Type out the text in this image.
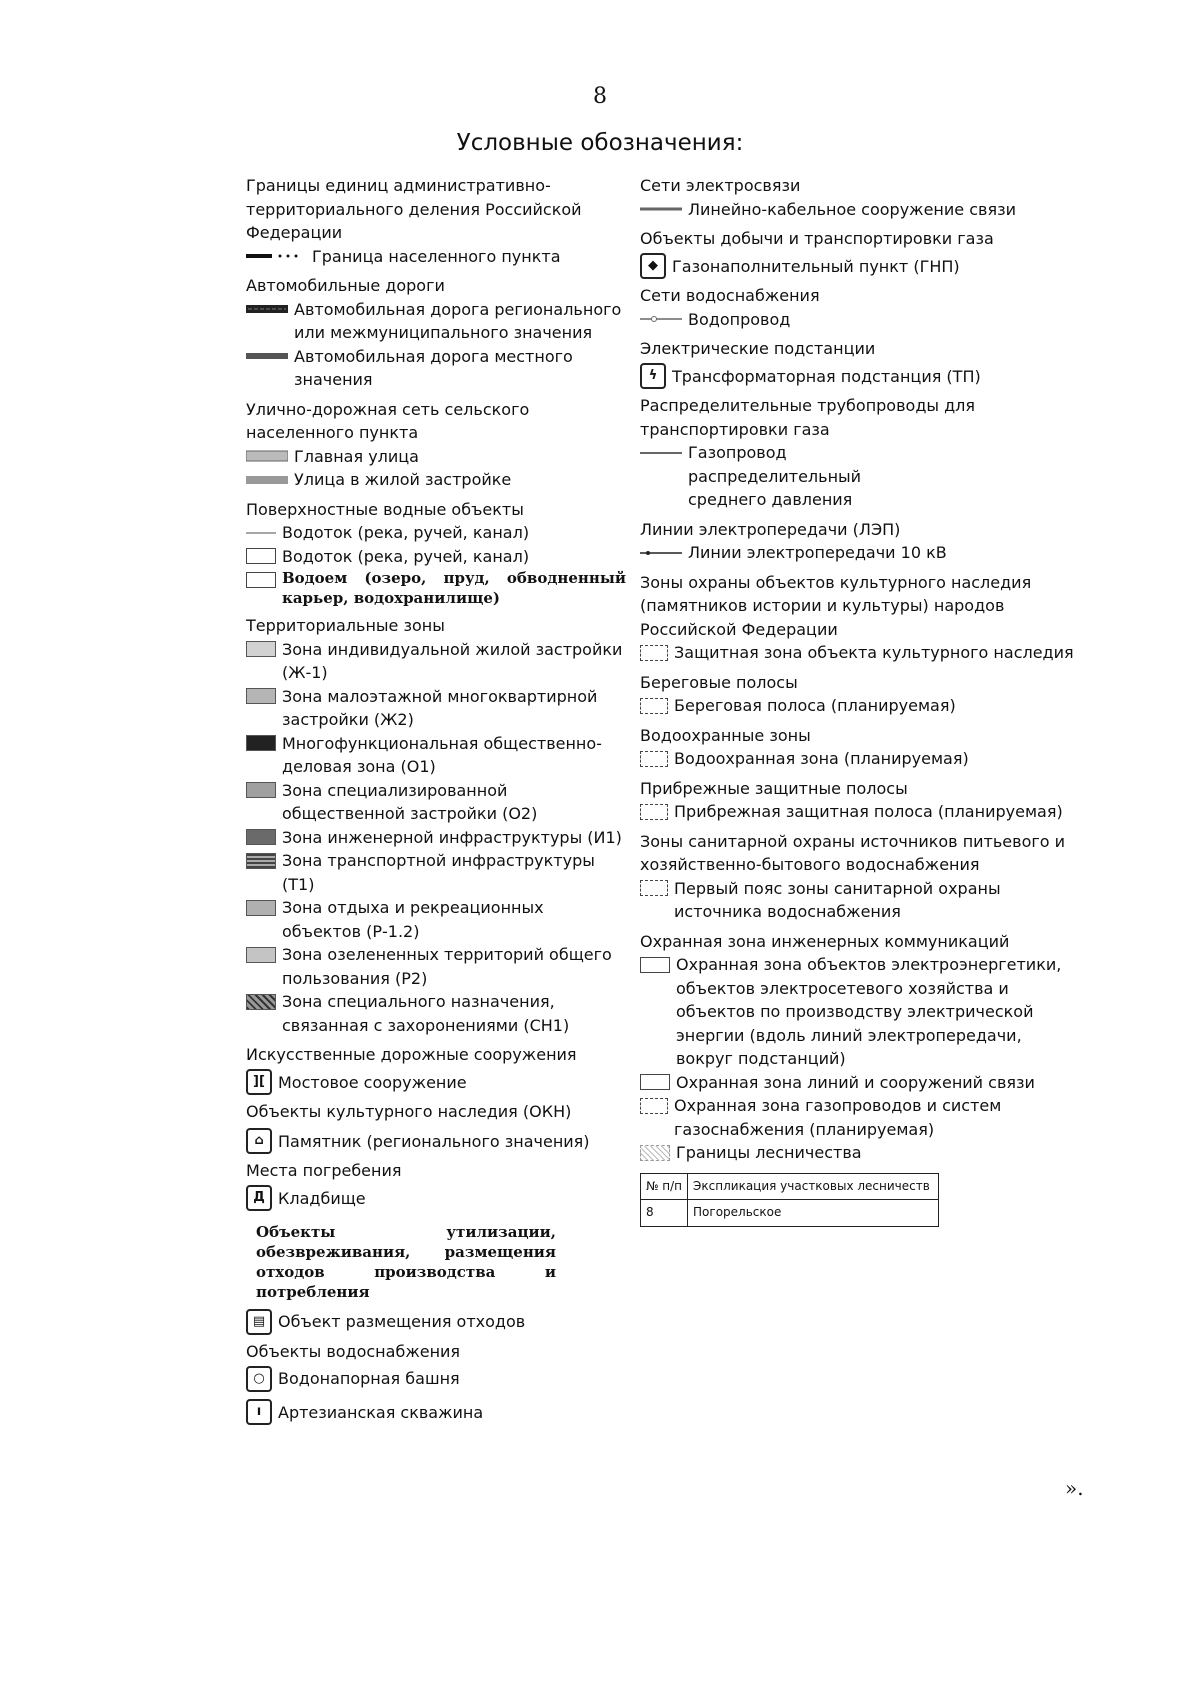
8
Условные обозначения:
Границы единиц административно-территориального деления Российской Федерации
Граница населенного пункта
Автомобильные дороги
Автомобильная дорога регионального или межмуниципального значения
Автомобильная дорога местного значения
Улично-дорожная сеть сельского населенного пункта
Главная улица
Улица в жилой застройке
Поверхностные водные объекты
Водоток (река, ручей, канал)
Водоток (река, ручей, канал)
Водоем (озеро, пруд, обводненный карьер, водохранилище)
Территориальные зоны
Зона индивидуальной жилой застройки (Ж-1)
Зона малоэтажной многоквартирной застройки (Ж2)
Многофункциональная общественно-деловая зона (О1)
Зона специализированной общественной застройки (О2)
Зона инженерной инфраструктуры (И1)
Зона транспортной инфраструктуры (Т1)
Зона отдыха и рекреационных объектов (Р-1.2)
Зона озелененных территорий общего пользования (Р2)
Зона специального назначения, связанная с захоронениями (СН1)
Искусственные дорожные сооружения
][ Мостовое сооружение
Объекты культурного наследия (ОКН)
⌂ Памятник (регионального значения)
Места погребения
Д Кладбище
Объекты утилизации, обезвреживания, размещения отходов производства и потребления
▤ Объект размещения отходов
Объекты водоснабжения
○ Водонапорная башня
ı	Артезианская скважина
Сети электросвязи
Линейно-кабельное сооружение связи
Объекты добычи и транспортировки газа
◆ Газонаполнительный пункт (ГНП)
Сети водоснабжения
Водопровод
Электрические подстанции
ϟ Трансформаторная подстанция (ТП)
Распределительные трубопроводы для транспортировки газа
Газопровод распределительный среднего давления
Линии электропередачи (ЛЭП)
Линии электропередачи 10 кВ
Зоны охраны объектов культурного наследия (памятников истории и культуры) народов Российской Федерации
Защитная зона объекта культурного наследия
Береговые полосы
Береговая полоса (планируемая)
Водоохранные зоны
Водоохранная зона (планируемая)
Прибрежные защитные полосы
Прибрежная защитная полоса (планируемая)
Зоны санитарной охраны источников питьевого и хозяйственно-бытового водоснабжения
Первый пояс зоны санитарной охраны источника водоснабжения
Охранная зона инженерных коммуникаций
Охранная зона объектов электроэнергетики, объектов электросетевого хозяйства и объектов по производству электрической энергии (вдоль линий электропередачи, вокруг подстанций)
Охранная зона линий и сооружений связи
Охранная зона газопроводов и систем газоснабжения (планируемая)
Границы лесничества
№ п/п	Экспликация участковых лесничеств
8	Погорельское
».
